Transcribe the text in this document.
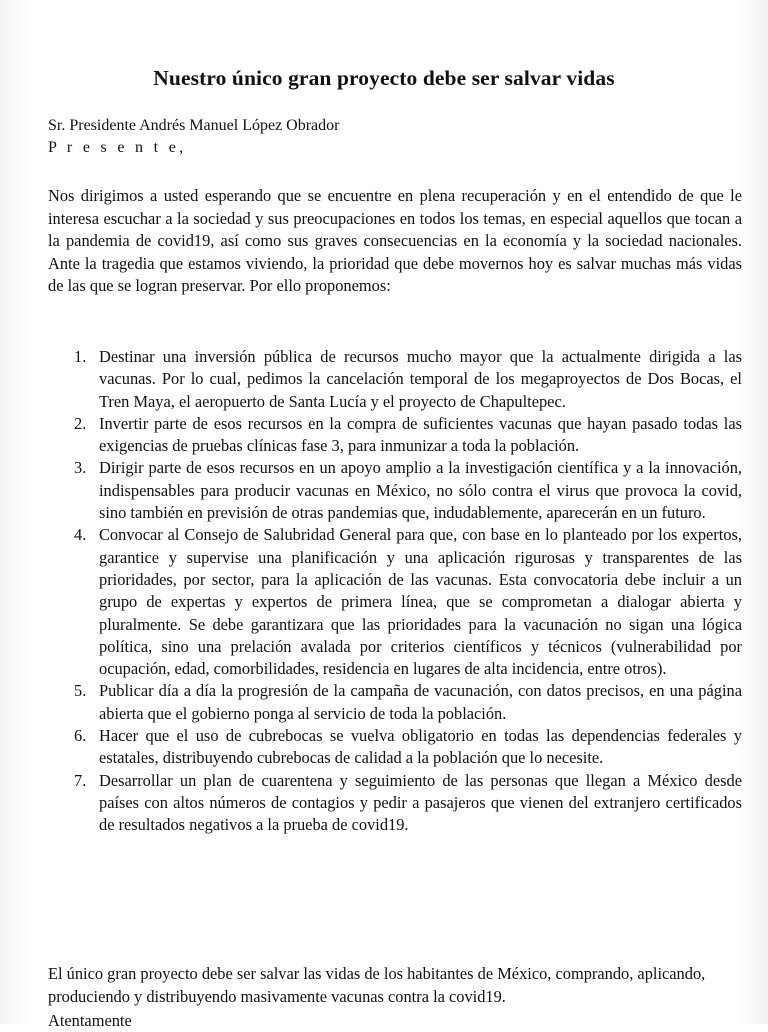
Nuestro único gran proyecto debe ser salvar vidas
Sr. Presidente Andrés Manuel López Obrador
P r e s e n t e,

Nos dirigimos a usted esperando que se encuentre en plena recuperación y en el entendido de que le interesa escuchar a la sociedad y sus preocupaciones en todos los temas, en especial aquellos que tocan a la pandemia de covid19, así como sus graves consecuencias en la economía y la sociedad nacionales. Ante la tragedia que estamos viviendo, la prioridad que debe movernos hoy es salvar muchas más vidas de las que se logran preservar. Por ello proponemos:

1. Destinar una inversión pública de recursos mucho mayor que la actualmente dirigida a las vacunas. Por lo cual, pedimos la cancelación temporal de los megaproyectos de Dos Bocas, el Tren Maya, el aeropuerto de Santa Lucía y el proyecto de Chapultepec.
2. Invertir parte de esos recursos en la compra de suficientes vacunas que hayan pasado todas las exigencias de pruebas clínicas fase 3, para inmunizar a toda la población.
3. Dirigir parte de esos recursos en un apoyo amplio a la investigación científica y a la innovación, indispensables para producir vacunas en México, no sólo contra el virus que provoca la covid, sino también en previsión de otras pandemias que, indudablemente, aparecerán en un futuro.
4. Convocar al Consejo de Salubridad General para que, con base en lo planteado por los expertos, garantice y supervise una planificación y una aplicación rigurosas y transparentes de las prioridades, por sector, para la aplicación de las vacunas. Esta convocatoria debe incluir a un grupo de expertas y expertos de primera línea, que se comprometan a dialogar abierta y pluralmente. Se debe garantizara que las prioridades para la vacunación no sigan una lógica política, sino una prelación avalada por criterios científicos y técnicos (vulnerabilidad por ocupación, edad, comorbilidades, residencia en lugares de alta incidencia, entre otros).
5. Publicar día a día la progresión de la campaña de vacunación, con datos precisos, en una página abierta que el gobierno ponga al servicio de toda la población.
6. Hacer que el uso de cubrebocas se vuelva obligatorio en todas las dependencias federales y estatales, distribuyendo cubrebocas de calidad a la población que lo necesite.
7. Desarrollar un plan de cuarentena y seguimiento de las personas que llegan a México desde países con altos números de contagios y pedir a pasajeros que vienen del extranjero certificados de resultados negativos a la prueba de covid19.

El único gran proyecto debe ser salvar las vidas de los habitantes de México, comprando, aplicando, produciendo y distribuyendo masivamente vacunas contra la covid19.

Atentamente
